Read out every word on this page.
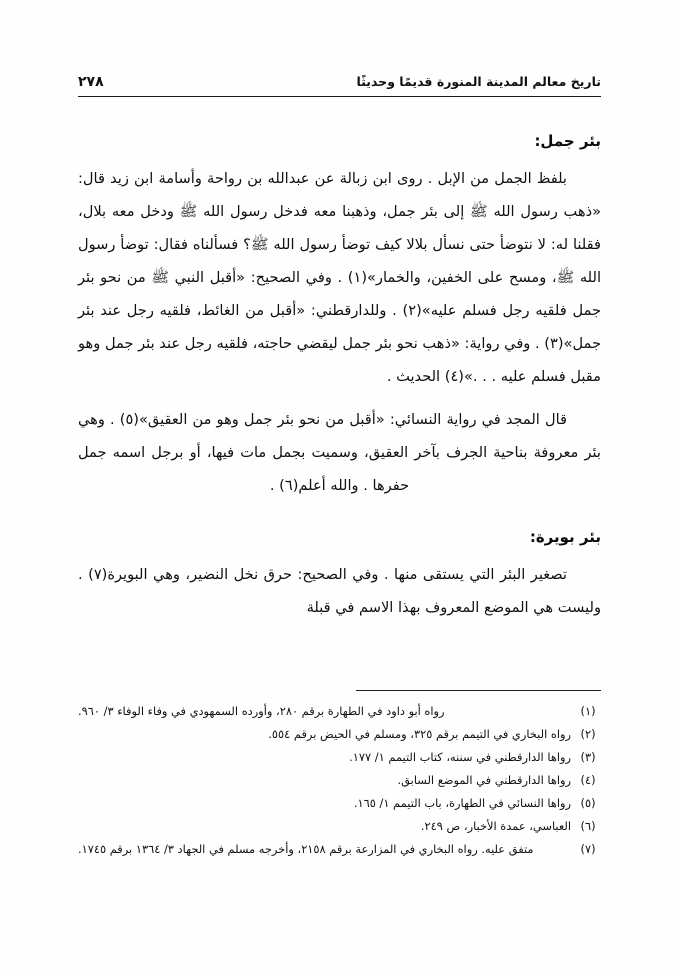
تاريخ معالم المدينة المنورة قديمًا وحديثًا
٢٧٨
بئر جمل:

بلفظ الجمل من الإبل . روى ابن زبالة عن عبدالله بن رواحة وأسامة ابن زيد قال: «ذهب رسول الله ﷺ إلى بئر جمل، وذهبنا معه فدخل رسول الله ﷺ ودخل معه بلال، فقلنا له: لا نتوضأ حتى نسأل بلالا كيف توضأ رسول الله ﷺ؟ فسألناه فقال: توضأ رسول الله ﷺ، ومسح على الخفين، والخمار»(١) . وفي الصحيح: «أقبل النبي ﷺ من نحو بئر جمل فلقيه رجل فسلم عليه»(٢) . وللدارقطني: «أقبل من الغائط، فلقيه رجل عند بئر جمل»(٣) . وفي رواية: «ذهب نحو بئر جمل ليقضي حاجته، فلقيه رجل عند بئر جمل وهو مقبل فسلم عليه . . .»(٤) الحديث .

قال المجد في رواية النسائي: «أقبل من نحو بئر جمل وهو من العقيق»(٥) . وهي بئر معروفة بناحية الجرف بآخر العقيق، وسميت بجمل مات فيها، أو برجل اسمه جمل حفرها . والله أعلم(٦) .

بئر بويرة:

تصغير البئر التي يستقى منها . وفي الصحيح: حرق نخل النضير، وهي البويرة(٧) . وليست هي الموضع المعروف بهذا الاسم في قبلة

(١)
رواه أبو داود في الطهارة برقم ٢٨٠، وأورده السمهودي في وفاء الوفاء ٣/ ٩٦٠.
(٢)
رواه البخاري في التيمم برقم ٣٢٥، ومسلم في الحيض برقم ٥٥٤.
(٣)
رواها الدارقطني في سننه، كتاب التيمم ١/ ١٧٧.
(٤)
رواها الدارقطني في الموضع السابق.
(٥)
رواها النسائي في الطهارة، باب التيمم ١/ ١٦٥.
(٦)
العباسي، عمدة الأخبار، ص ٢٤٩.
(٧)
متفق عليه. رواه البخاري في المزارعة برقم ٢١٥٨، وأخرجه مسلم في الجهاد ٣/ ١٣٦٤ برقم ١٧٤٥.
